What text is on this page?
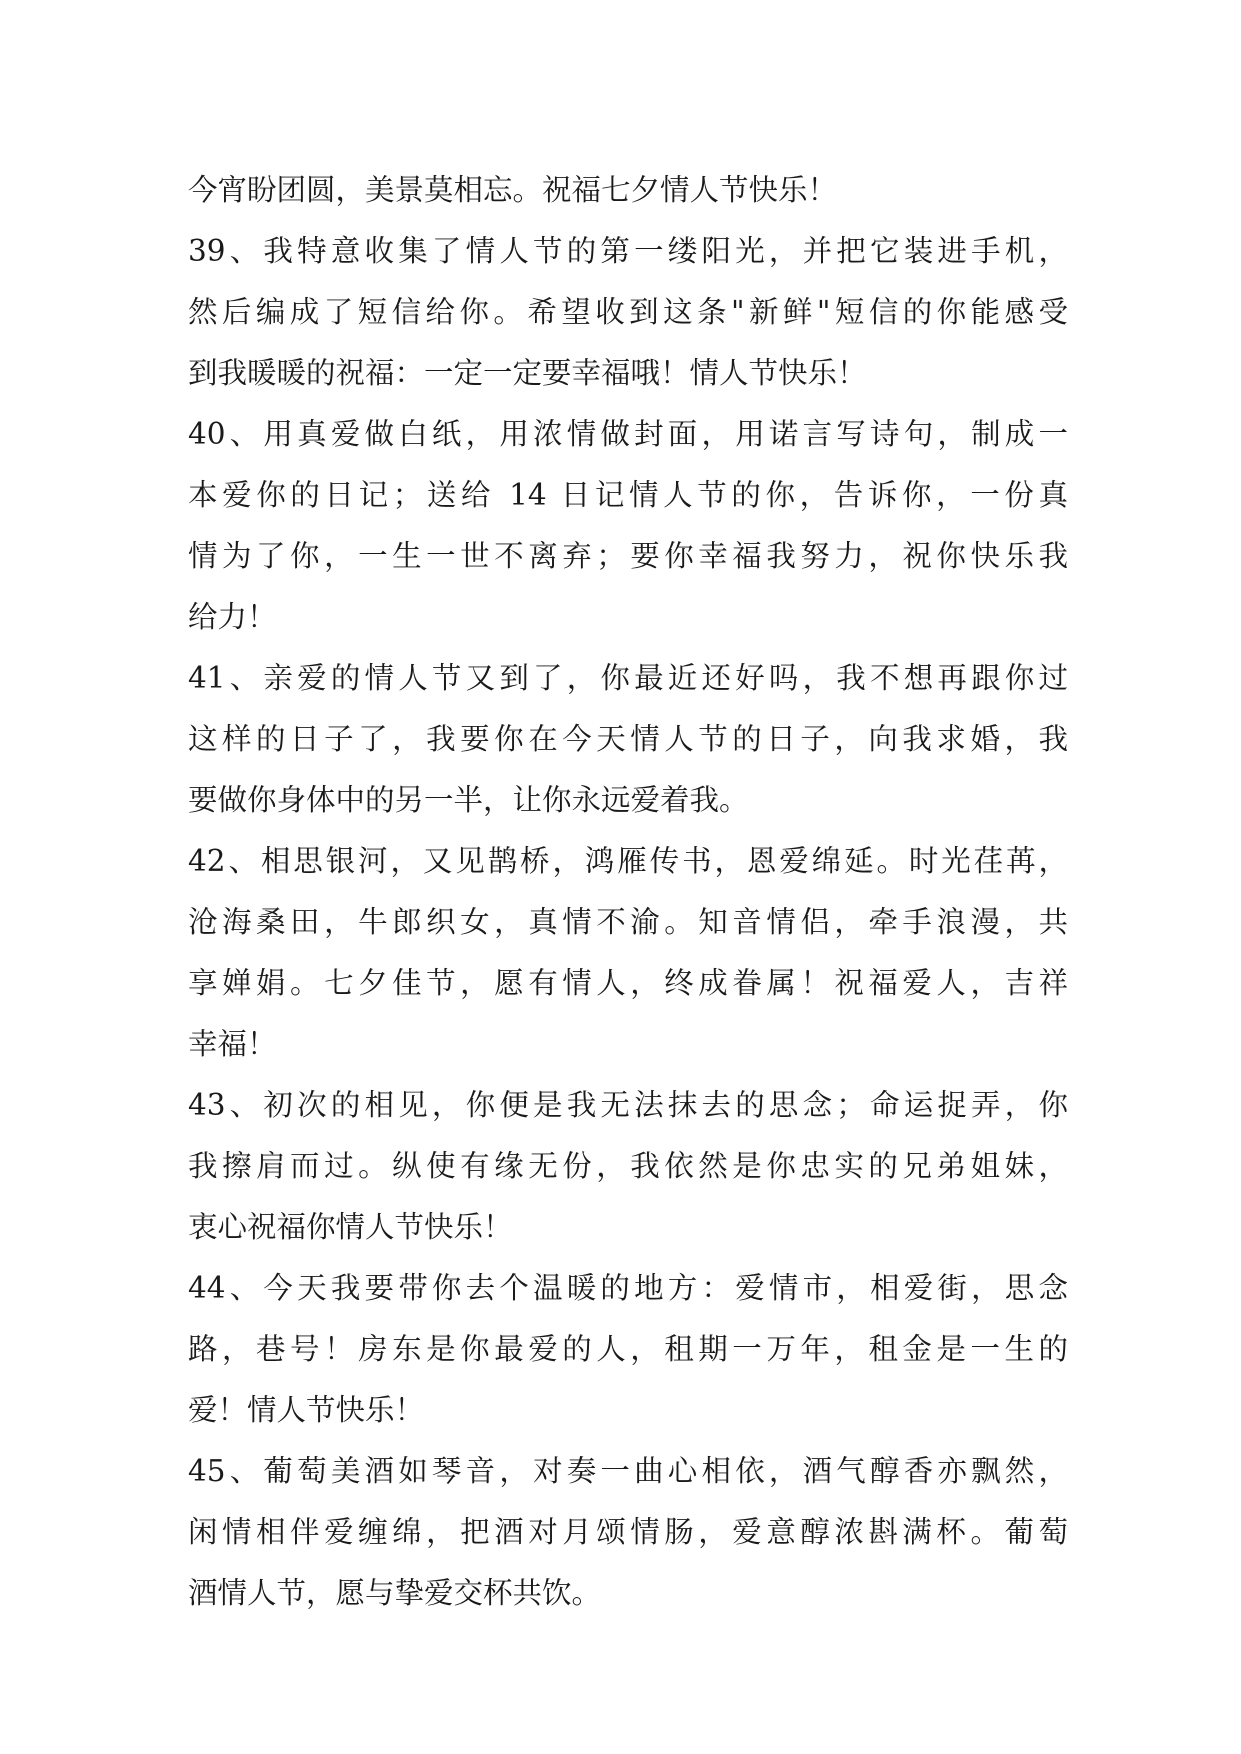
今宵盼团圆，美景莫相忘。祝福七夕情人节快乐！
39、我特意收集了情人节的第一缕阳光，并把它装进手机，
然后编成了短信给你。希望收到这条"新鲜"短信的你能感受
到我暖暖的祝福：一定一定要幸福哦！情人节快乐！
40、用真爱做白纸，用浓情做封面，用诺言写诗句，制成一
本爱你的日记；送给 14 日记情人节的你，告诉你，一份真
情为了你，一生一世不离弃；要你幸福我努力，祝你快乐我
给力！
41、亲爱的情人节又到了，你最近还好吗，我不想再跟你过
这样的日子了，我要你在今天情人节的日子，向我求婚，我
要做你身体中的另一半，让你永远爱着我。
42、相思银河，又见鹊桥，鸿雁传书，恩爱绵延。时光荏苒，
沧海桑田，牛郎织女，真情不渝。知音情侣，牵手浪漫，共
享婵娟。七夕佳节，愿有情人，终成眷属！祝福爱人，吉祥
幸福！
43、初次的相见，你便是我无法抹去的思念；命运捉弄，你
我擦肩而过。纵使有缘无份，我依然是你忠实的兄弟姐妹，
衷心祝福你情人节快乐！
44、今天我要带你去个温暖的地方：爱情市，相爱街，思念
路，巷号！房东是你最爱的人，租期一万年，租金是一生的
爱！情人节快乐！
45、葡萄美酒如琴音，对奏一曲心相依，酒气醇香亦飘然，
闲情相伴爱缠绵，把酒对月颂情肠，爱意醇浓斟满杯。葡萄
酒情人节，愿与挚爱交杯共饮。
